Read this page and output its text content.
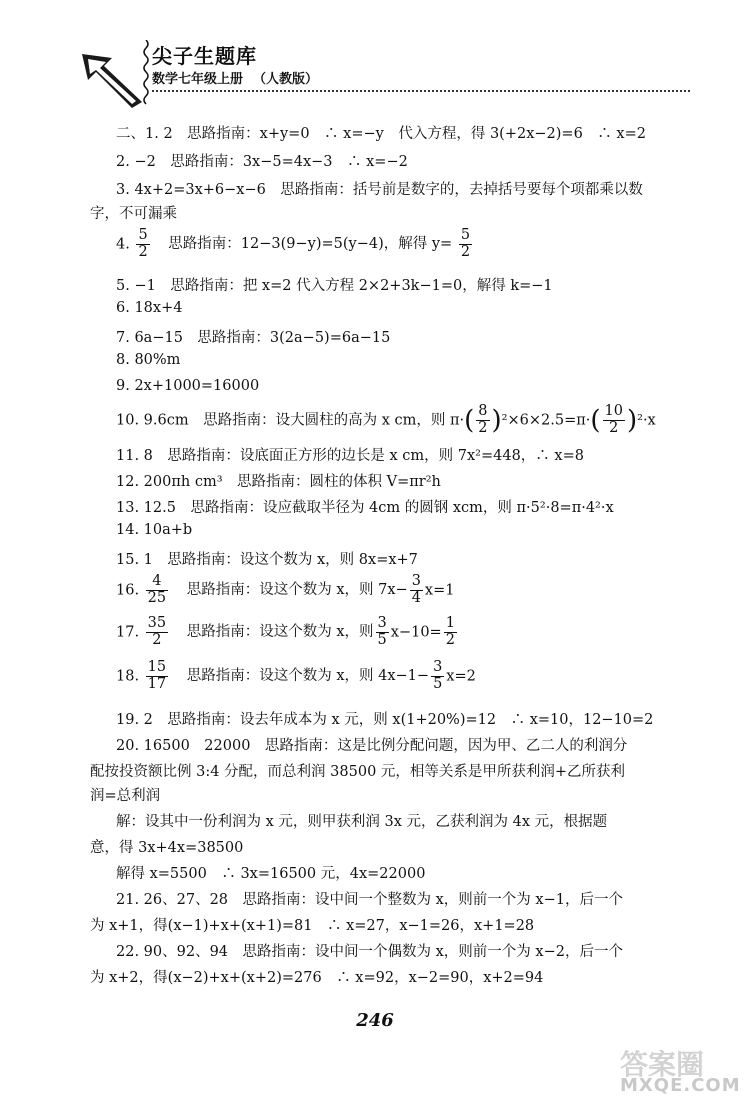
尖子生题库
数学七年级上册 （人教版）
二、1. 2　思路指南：x+y=0　∴ x=−y　代入方程，得 3(+2x−2)=6　∴ x=2
2. −2　思路指南：3x−5=4x−3　∴ x=−2
3. 4x+2=3x+6−x−6　思路指南：括号前是数字的，去掉括号要每个项都乘以数
字，不可漏乘
4. $\frac{5}{2}$ 思路指南：12−3(9−y)=5(y−4)，解得 $y= \frac{5}{2}$
5. −1　思路指南：把 x=2 代入方程 2×2+3k−1=0，解得 k=−1
6. 18x+4
7. 6a−15　思路指南：3(2a−5)=6a−15
8. 80%m
9. 2x+1000=16000
10. 9.6cm　思路指南：设大圆柱的高为 x cm，则 $\pi\cdot( \frac{8}{2} )^2\times 6\times 2.5=\pi\cdot( \frac{10}{2} )^2\cdot x$
11. 8　思路指南：设底面正方形的边长是 x cm，则 7x²=448，∴ x=8
12. 200πh cm³　思路指南：圆柱的体积 V=πr²h
13. 12.5　思路指南：设应截取半径为 4cm 的圆钢 xcm，则 π·5²·8=π·4²·x
14. 10a+b
15. 1　思路指南：设这个数为 x，则 8x=x+7
16. $\frac{4}{25}$ 思路指南：设这个数为 x，则 $7x- \frac{3}{4} x=1$
17. $\frac{35}{2}$ 思路指南：设这个数为 x，则 $\frac{3}{5} x-10= \frac{1}{2}$
18. $\frac{15}{17}$ 思路指南：设这个数为 x，则 $4x-1- \frac{3}{5} x=2$
19. 2　思路指南：设去年成本为 x 元，则 x(1+20%)=12　∴ x=10，12−10=2
20. 16500　22000　思路指南：这是比例分配问题，因为甲、乙二人的利润分
配按投资额比例 3:4 分配，而总利润 38500 元，相等关系是甲所获利润+乙所获利
润=总利润
解：设其中一份利润为 x 元，则甲获利润 3x 元，乙获利润为 4x 元，根据题
意，得 3x+4x=38500
解得 x=5500　∴ 3x=16500 元，4x=22000
21. 26、27、28　思路指南：设中间一个整数为 x，则前一个为 x−1，后一个
为 x+1，得(x−1)+x+(x+1)=81　∴ x=27，x−1=26，x+1=28
22. 90、92、94　思路指南：设中间一个偶数为 x，则前一个为 x−2，后一个
为 x+2，得(x−2)+x+(x+2)=276　∴ x=92，x−2=90，x+2=94
246
答案圈
MXQE.COM
